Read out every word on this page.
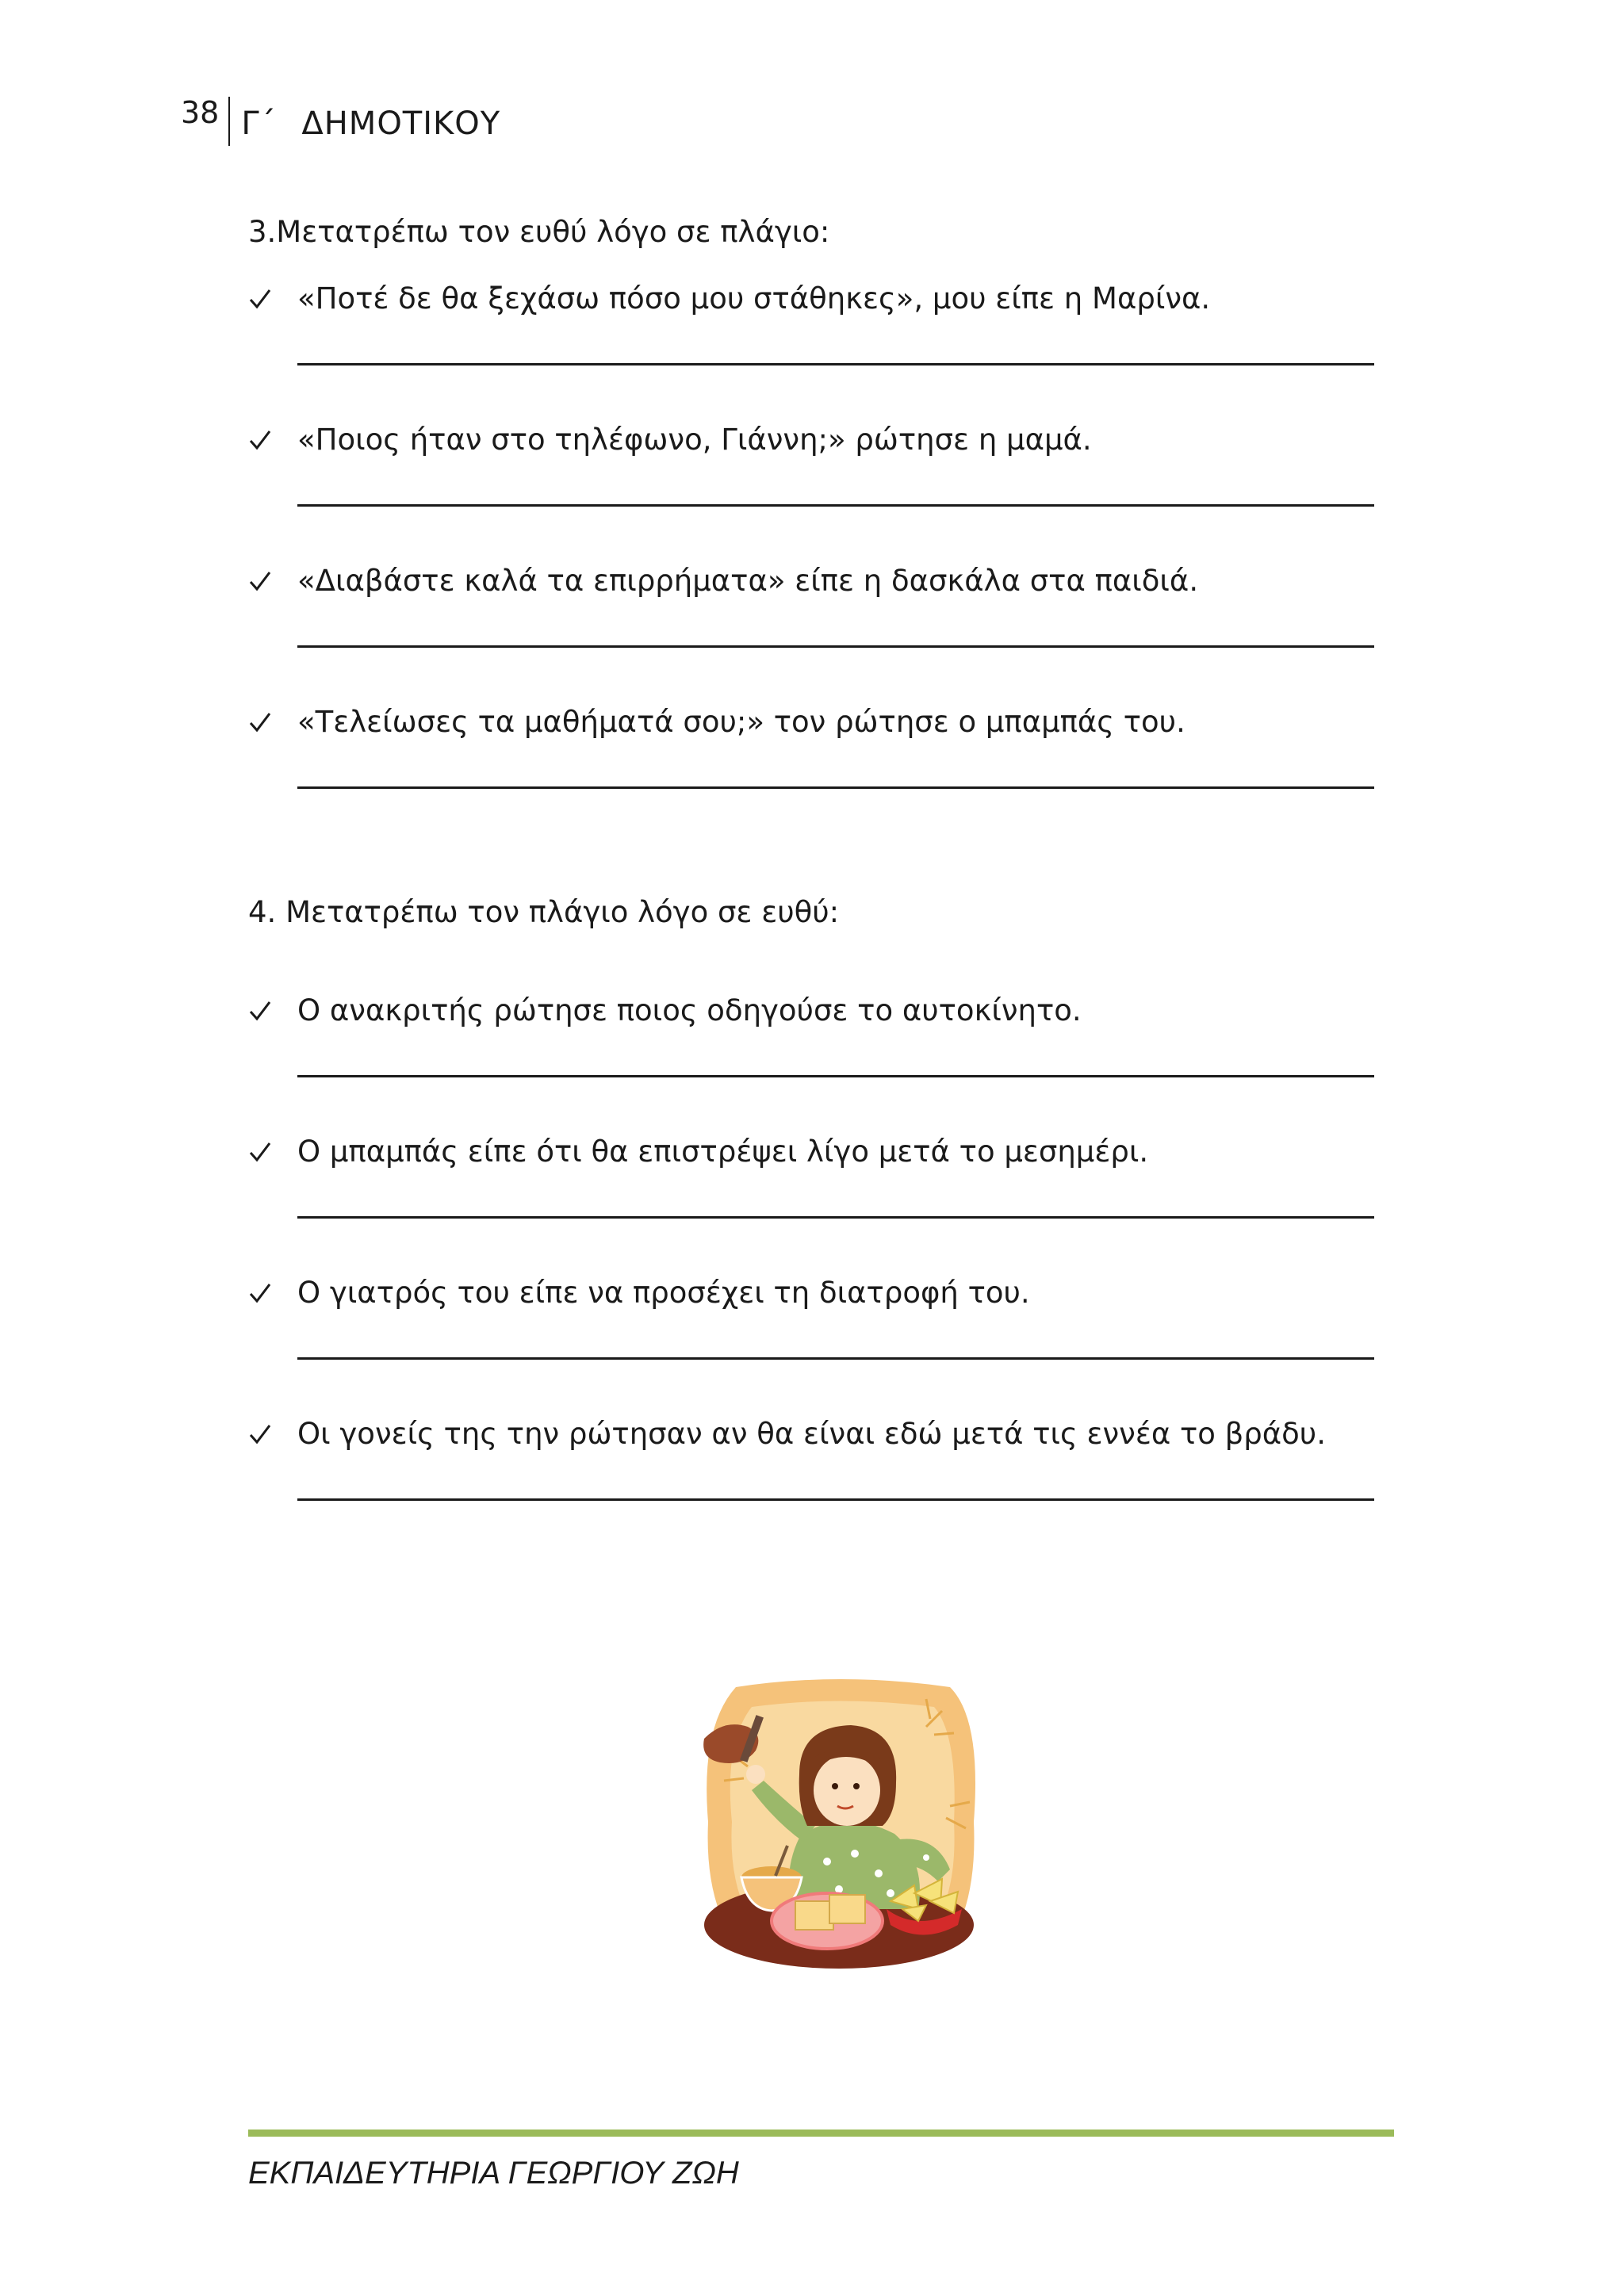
38 Γ΄ ΔΗΜΟΤΙΚΟΥ

3.Μετατρέπω τον ευθύ λόγο σε πλάγιο:

«Ποτέ δε θα ξεχάσω πόσο μου στάθηκες», μου είπε η Μαρίνα.
«Ποιος ήταν στο τηλέφωνο, Γιάννη;» ρώτησε η μαμά.
«Διαβάστε καλά τα επιρρήματα» είπε η δασκάλα στα παιδιά.
«Τελείωσες τα μαθήματά σου;» τον ρώτησε ο μπαμπάς του.

4. Μετατρέπω τον πλάγιο λόγο σε ευθύ:

Ο ανακριτής ρώτησε ποιος οδηγούσε το αυτοκίνητο.
Ο μπαμπάς είπε ότι θα επιστρέψει λίγο μετά το μεσημέρι.
Ο γιατρός του είπε να προσέχει τη διατροφή του.
Οι γονείς της την ρώτησαν αν θα είναι εδώ μετά τις εννέα το βράδυ.
ΕΚΠΑΙΔΕΥΤΗΡΙΑ ΓΕΩΡΓΙΟΥ ΖΩΗ
